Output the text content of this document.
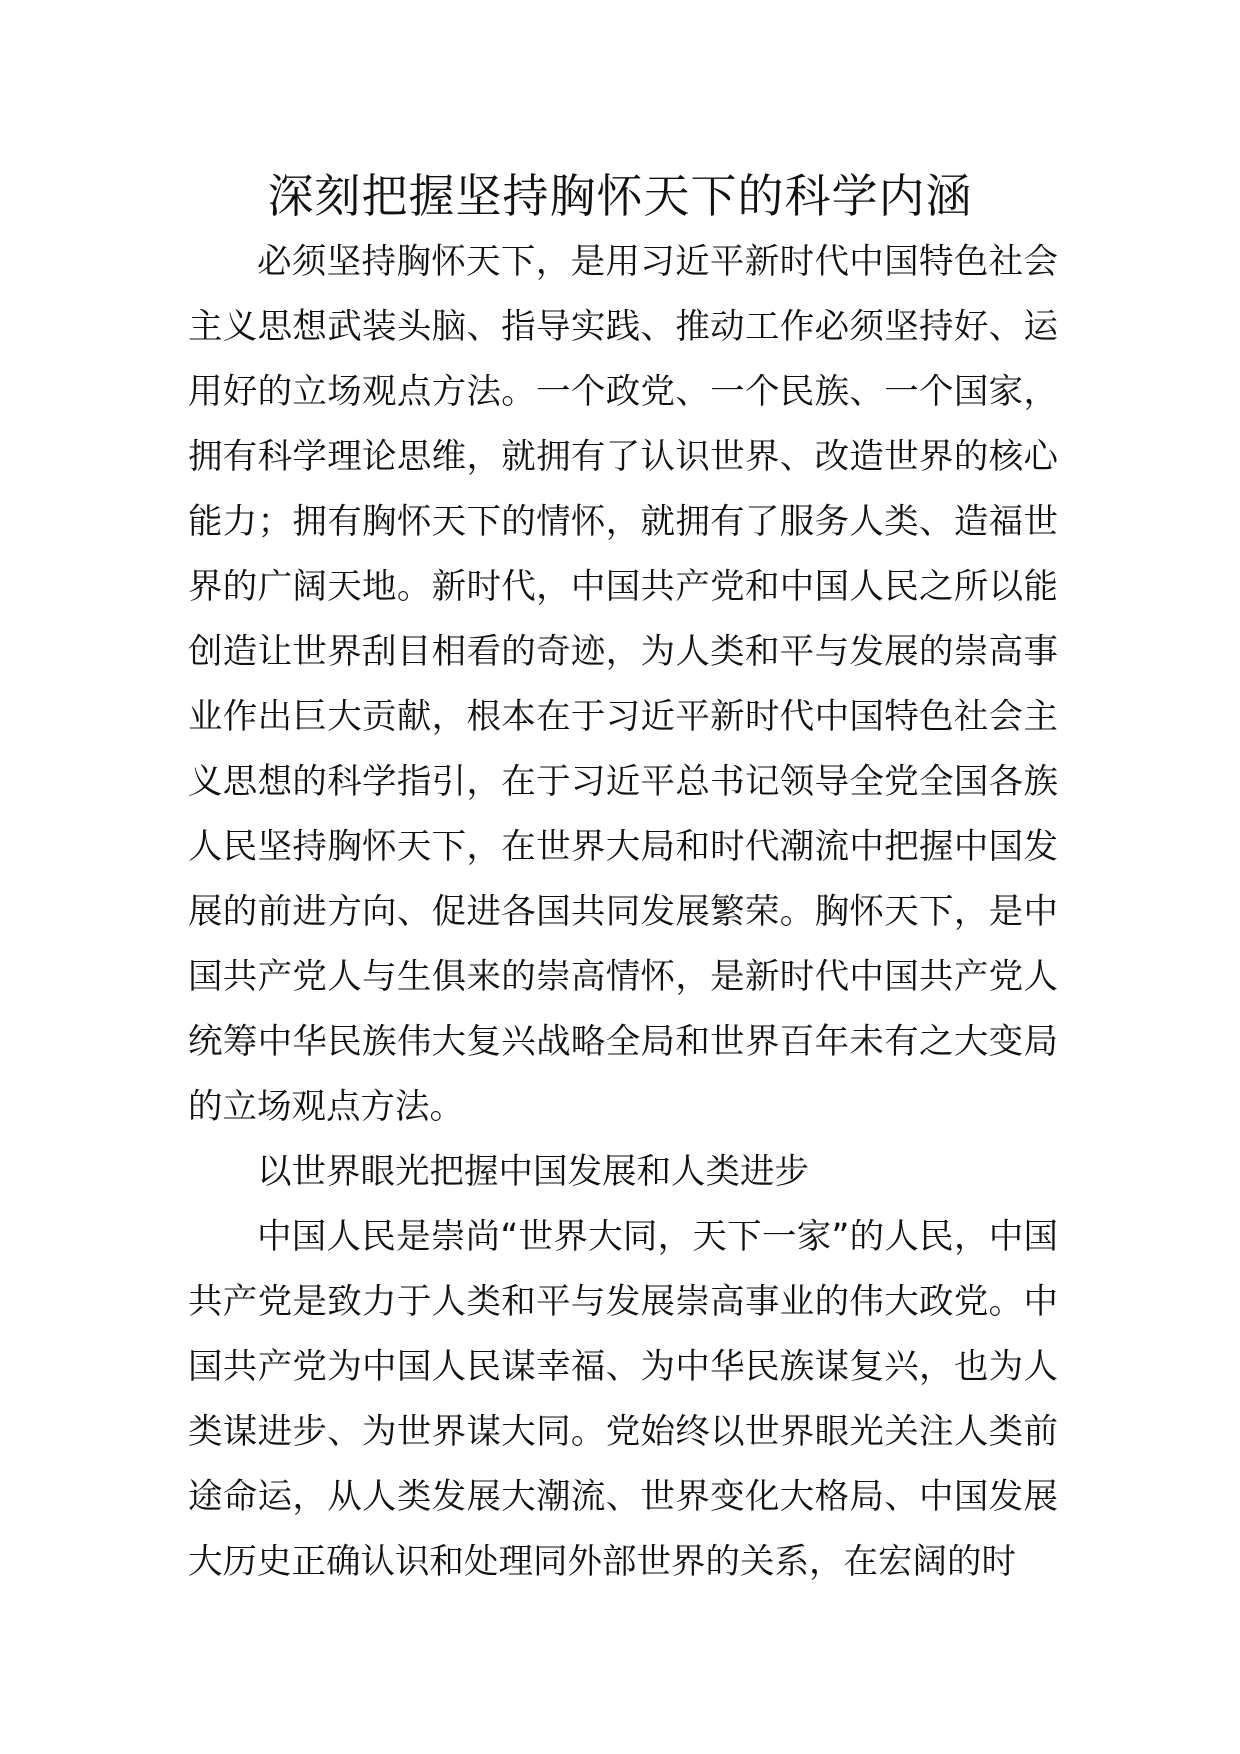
深刻把握坚持胸怀天下的科学内涵

必须坚持胸怀天下，是用习近平新时代中国特色社会主义思想武装头脑、指导实践、推动工作必须坚持好、运用好的立场观点方法。一个政党、一个民族、一个国家，拥有科学理论思维，就拥有了认识世界、改造世界的核心能力；拥有胸怀天下的情怀，就拥有了服务人类、造福世界的广阔天地。新时代，中国共产党和中国人民之所以能创造让世界刮目相看的奇迹，为人类和平与发展的崇高事业作出巨大贡献，根本在于习近平新时代中国特色社会主义思想的科学指引，在于习近平总书记领导全党全国各族人民坚持胸怀天下，在世界大局和时代潮流中把握中国发展的前进方向、促进各国共同发展繁荣。胸怀天下，是中国共产党人与生俱来的崇高情怀，是新时代中国共产党人统筹中华民族伟大复兴战略全局和世界百年未有之大变局的立场观点方法。

以世界眼光把握中国发展和人类进步

中国人民是崇尚“世界大同，天下一家”的人民，中国共产党是致力于人类和平与发展崇高事业的伟大政党。中国共产党为中国人民谋幸福、为中华民族谋复兴，也为人类谋进步、为世界谋大同。党始终以世界眼光关注人类前途命运，从人类发展大潮流、世界变化大格局、中国发展大历史正确认识和处理同外部世界的关系，在宏阔的时
